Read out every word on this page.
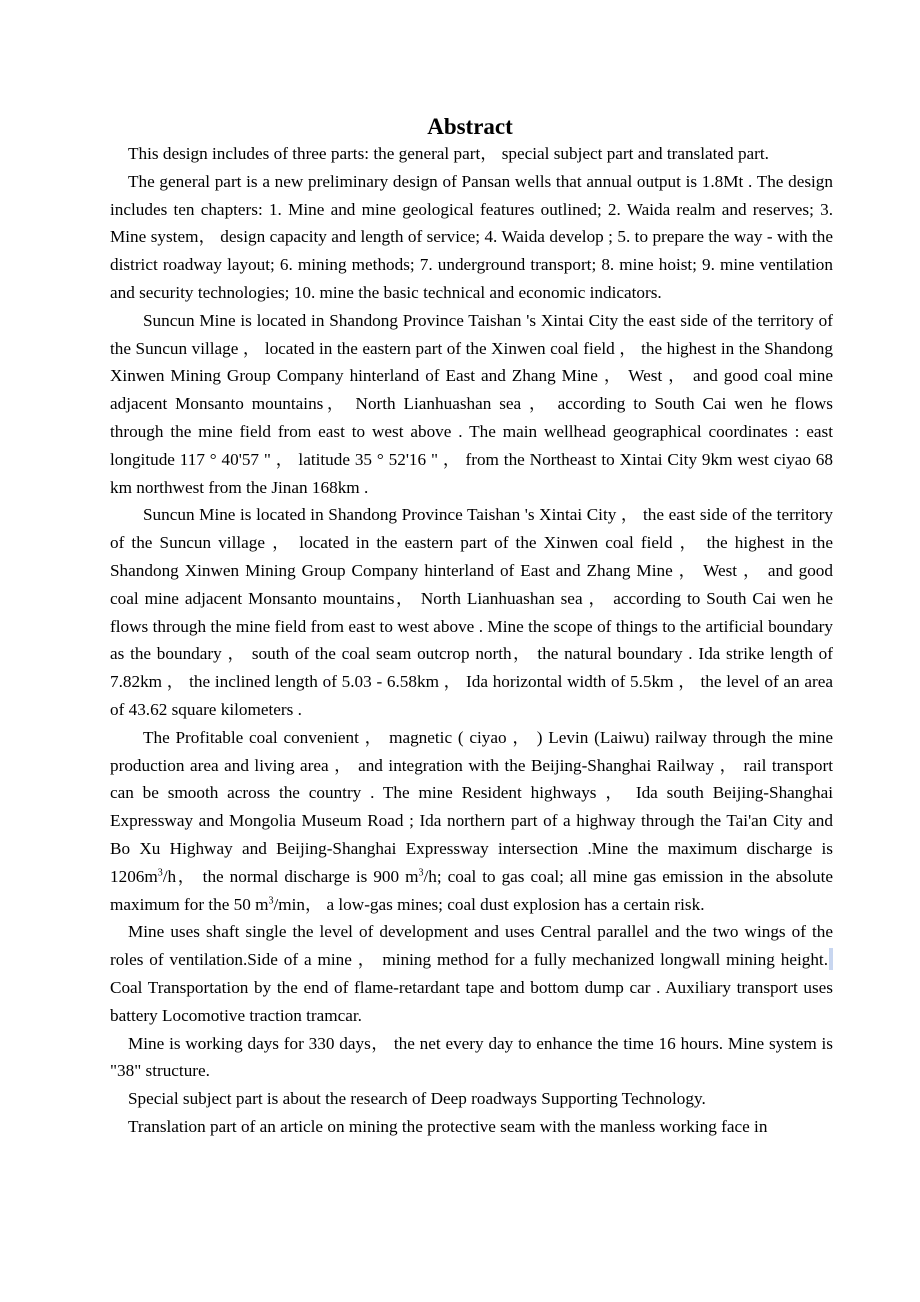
Abstract

This design includes of three parts: the general part， special subject part and translated part.

The general part is a new preliminary design of Pansan wells that annual output is 1.8Mt . The design includes ten chapters: 1. Mine and mine geological features outlined; 2. Waida realm and reserves; 3. Mine system， design capacity and length of service; 4. Waida develop ; 5. to prepare the way - with the district roadway layout; 6. mining methods; 7. underground transport; 8. mine hoist; 9. mine ventilation and security technologies; 10. mine the basic technical and economic indicators.

Suncun Mine is located in Shandong Province Taishan 's Xintai City the east side of the territory of the Suncun village ， located in the eastern part of the Xinwen coal field ， the highest in the Shandong Xinwen Mining Group Company hinterland of East and Zhang Mine ， West ， and good coal mine adjacent Monsanto mountains， North Lianhuashan sea ， according to South Cai wen he flows through the mine field from east to west above . The main wellhead geographical coordinates : east longitude 117 ° 40'57 " ， latitude 35 ° 52'16 " ， from the Northeast to Xintai City 9km west ciyao 68 km northwest from the Jinan 168km .

Suncun Mine is located in Shandong Province Taishan 's Xintai City ， the east side of the territory of the Suncun village ， located in the eastern part of the Xinwen coal field ， the highest in the Shandong Xinwen Mining Group Company hinterland of East and Zhang Mine ， West ， and good coal mine adjacent Monsanto mountains， North Lianhuashan sea ， according to South Cai wen he flows through the mine field from east to west above . Mine the scope of things to the artificial boundary as the boundary ， south of the coal seam outcrop north， the natural boundary . Ida strike length of 7.82km ， the inclined length of 5.03 - 6.58km ， Ida horizontal width of 5.5km ， the level of an area of 43.62 square kilometers .

The Profitable coal convenient ， magnetic ( ciyao ， ) Levin (Laiwu) railway through the mine production area and living area ， and integration with the Beijing-Shanghai Railway ， rail transport can be smooth across the country . The mine Resident highways ， Ida south Beijing-Shanghai Expressway and Mongolia Museum Road ; Ida northern part of a highway through the Tai'an City and Bo Xu Highway and Beijing-Shanghai Expressway intersection .Mine the maximum discharge is $1206m^3/h$， the normal discharge is 900 $m^3/h$; coal to gas coal; all mine gas emission in the absolute maximum for the 50 $m^3/\min$， a low-gas mines; coal dust explosion has a certain risk.

Mine uses shaft single the level of development and uses Central parallel and the two wings of the roles of ventilation.Side of a mine ， mining method for a fully mechanized longwall mining height.Coal Transportation by the end of flame-retardant tape and bottom dump car . Auxiliary transport uses battery Locomotive traction tramcar.

Mine is working days for 330 days， the net every day to enhance the time 16 hours. Mine system is "38" structure.

Special subject part is about the research of Deep roadways Supporting Technology.

Translation part of an article on mining the protective seam with the manless working face in
